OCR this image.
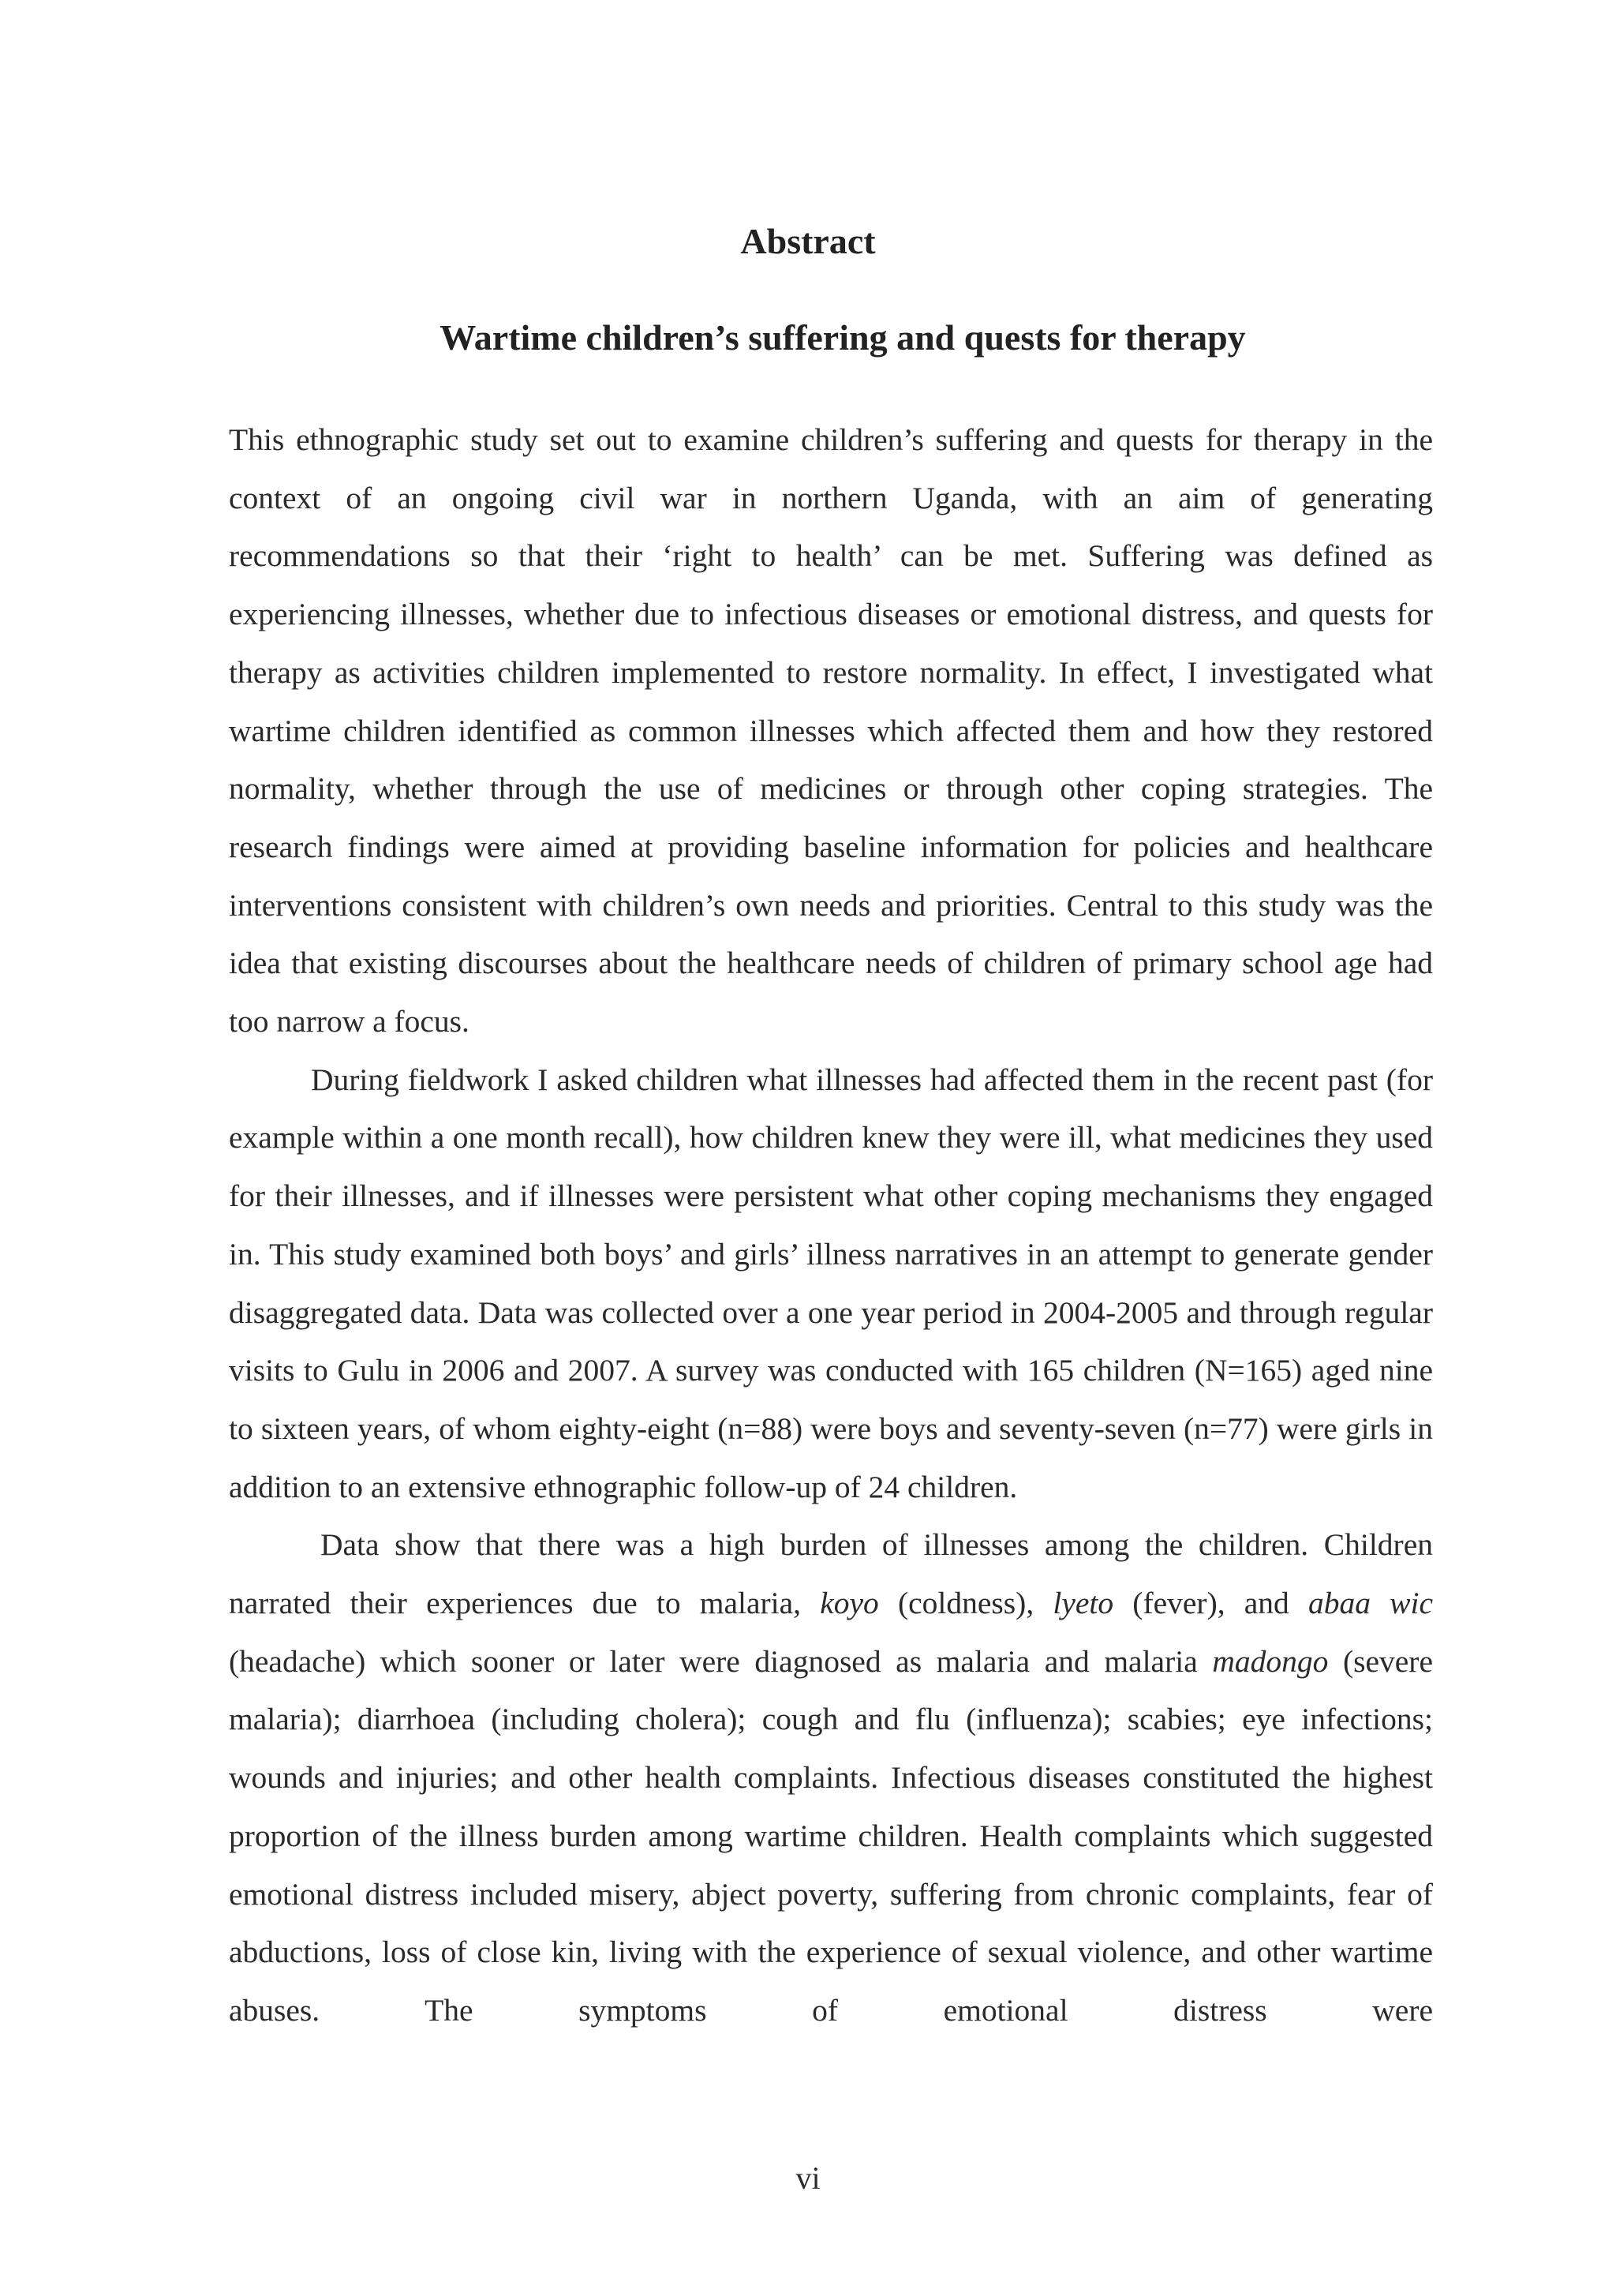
Abstract
Wartime children’s suffering and quests for therapy

This ethnographic study set out to examine children’s suffering and quests for therapy in the context of an ongoing civil war in northern Uganda, with an aim of generating recommendations so that their ‘right to health’ can be met. Suffering was defined as experiencing illnesses, whether due to infectious diseases or emotional distress, and quests for therapy as activities children implemented to restore normality. In effect, I investigated what wartime children identified as common illnesses which affected them and how they restored normality, whether through the use of medicines or through other coping strategies. The research findings were aimed at providing baseline information for policies and healthcare interventions consistent with children’s own needs and priorities. Central to this study was the idea that existing discourses about the healthcare needs of children of primary school age had too narrow a focus.

During fieldwork I asked children what illnesses had affected them in the recent past (for example within a one month recall), how children knew they were ill, what medicines they used for their illnesses, and if illnesses were persistent what other coping mechanisms they engaged in. This study examined both boys’ and girls’ illness narratives in an attempt to generate gender disaggregated data. Data was collected over a one year period in 2004-2005 and through regular visits to Gulu in 2006 and 2007. A survey was conducted with 165 children (N=165) aged nine to sixteen years, of whom eighty-eight (n=88) were boys and seventy-seven (n=77) were girls in addition to an extensive ethnographic follow-up of 24 children.

Data show that there was a high burden of illnesses among the children. Children narrated their experiences due to malaria, koyo (coldness), lyeto (fever), and abaa wic (headache) which sooner or later were diagnosed as malaria and malaria madongo (severe malaria); diarrhoea (including cholera); cough and flu (influenza); scabies; eye infections; wounds and injuries; and other health complaints. Infectious diseases constituted the highest proportion of the illness burden among wartime children. Health complaints which suggested emotional distress included misery, abject poverty, suffering from chronic complaints, fear of abductions, loss of close kin, living with the experience of sexual violence, and other wartime abuses. The symptoms of emotional distress were

vi
